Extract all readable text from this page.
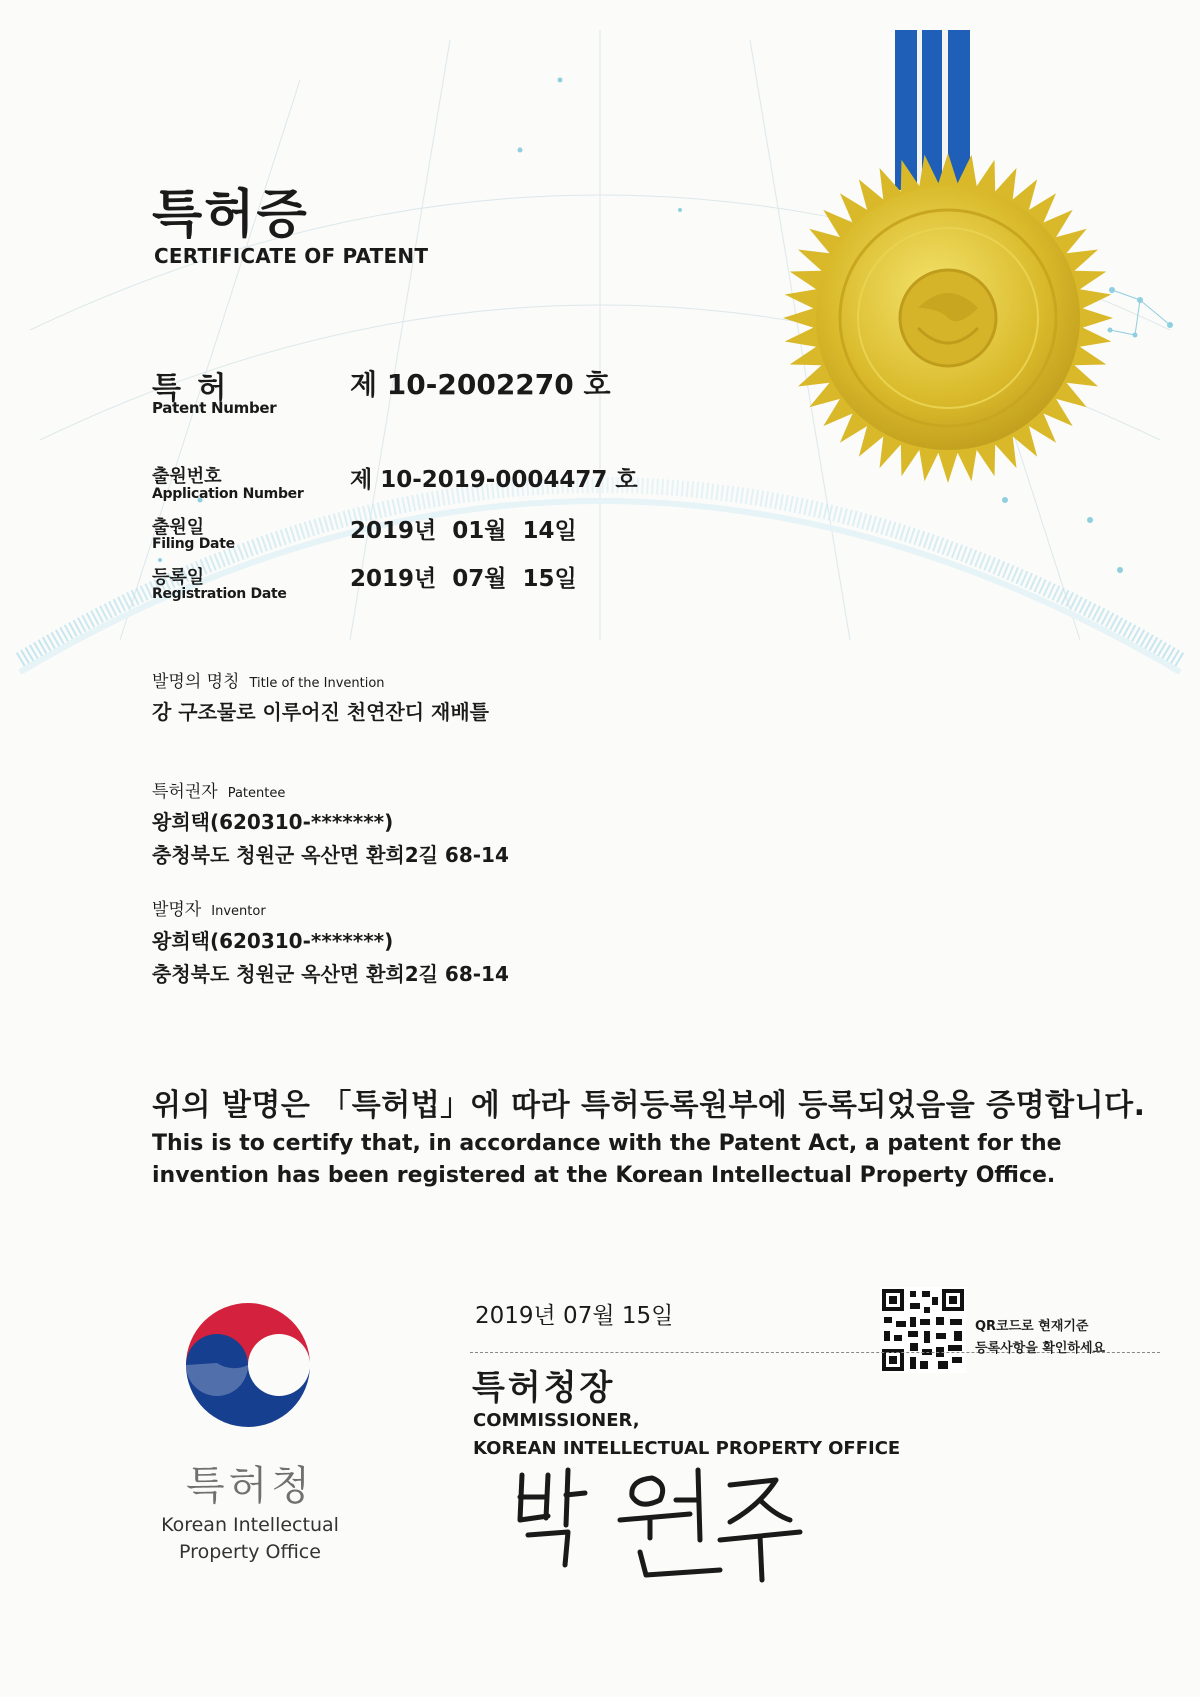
특허증
CERTIFICATE OF PATENT
특 허
Patent Number
제 10-2002270 호
출원번호
Application Number
제 10-2019-0004477 호
출원일
Filing Date	2019년  01월  14일
등록일
Registration Date
2019년  07월  15일
발명의 명칭 Title of the Invention
강 구조물로 이루어진 천연잔디 재배틀
특허권자 Patentee
왕희택(620310-*******)
충청북도 청원군 옥산면 환희2길 68-14
발명자 Inventor
왕희택(620310-*******)
충청북도 청원군 옥산면 환희2길 68-14
위의 발명은 「특허법」에 따라 특허등록원부에 등록되었음을 증명합니다.
This is to certify that, in accordance with the Patent Act, a patent for the invention has been registered at the Korean Intellectual Property Office.
2019년 07월 15일	QR코드로 현재기준
등록사항을 확인하세요
특허청장
COMMISSIONER,
KOREAN INTELLECTUAL PROPERTY OFFICE
특허청
Korean Intellectual
Property Office
